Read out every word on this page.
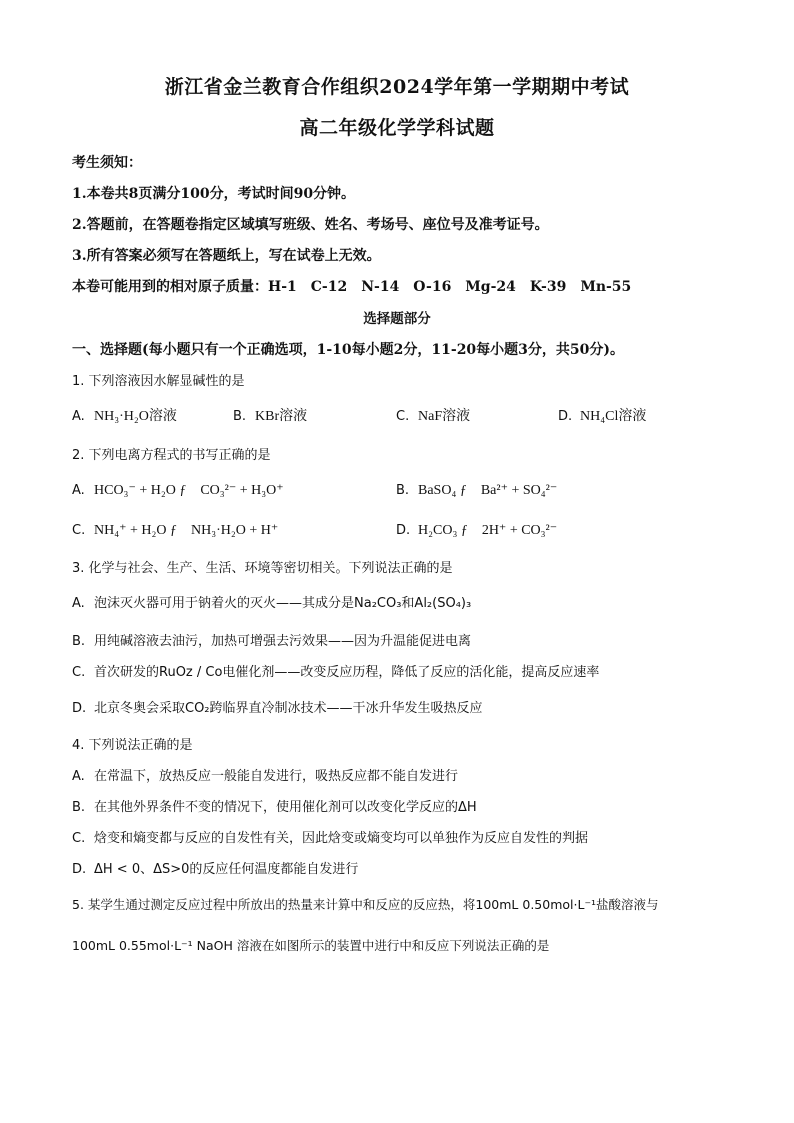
浙江省金兰教育合作组织2024学年第一学期期中考试
高二年级化学学科试题
考生须知：
1.本卷共8页满分100分，考试时间90分钟。
2.答题前，在答题卷指定区域填写班级、姓名、考场号、座位号及准考证号。
3.所有答案必须写在答题纸上，写在试卷上无效。
本卷可能用到的相对原子质量：H-1　C-12　N-14　O-16　Mg-24　K-39　Mn-55
选择题部分
一、选择题(每小题只有一个正确选项，1-10每小题2分，11-20每小题3分，共50分)。
1. 下列溶液因水解显碱性的是
A. NH₃·H₂O溶液	B. KBr溶液	C. NaF溶液	D. NH₄Cl溶液
2. 下列电离方程式的书写正确的是
A. HCO₃⁻ + H₂O ƒ　CO₃²⁻ + H₃O⁺	B. BaSO₄ ƒ　Ba²⁺ + SO₄²⁻
C. NH₄⁺ + H₂O ƒ　NH₃·H₂O + H⁺	D. H₂CO₃ ƒ　2H⁺ + CO₃²⁻
3. 化学与社会、生产、生活、环境等密切相关。下列说法正确的是
A. 泡沫灭火器可用于钠着火的灭火——其成分是Na₂CO₃和Al₂(SO₄)₃
B. 用纯碱溶液去油污，加热可增强去污效果——因为升温能促进电离
C. 首次研发的RuOz / Co电催化剂——改变反应历程，降低了反应的活化能，提高反应速率
D. 北京冬奥会采取CO₂跨临界直冷制冰技术——干冰升华发生吸热反应
4. 下列说法正确的是
A. 在常温下，放热反应一般能自发进行，吸热反应都不能自发进行
B. 在其他外界条件不变的情况下，使用催化剂可以改变化学反应的ΔH
C. 焓变和熵变都与反应的自发性有关，因此焓变或熵变均可以单独作为反应自发性的判据
D. ΔH < 0、ΔS>0的反应任何温度都能自发进行
5. 某学生通过测定反应过程中所放出的热量来计算中和反应的反应热，将100mL 0.50mol·L⁻¹盐酸溶液与
100mL 0.55mol·L⁻¹ NaOH 溶液在如图所示的装置中进行中和反应下列说法正确的是
